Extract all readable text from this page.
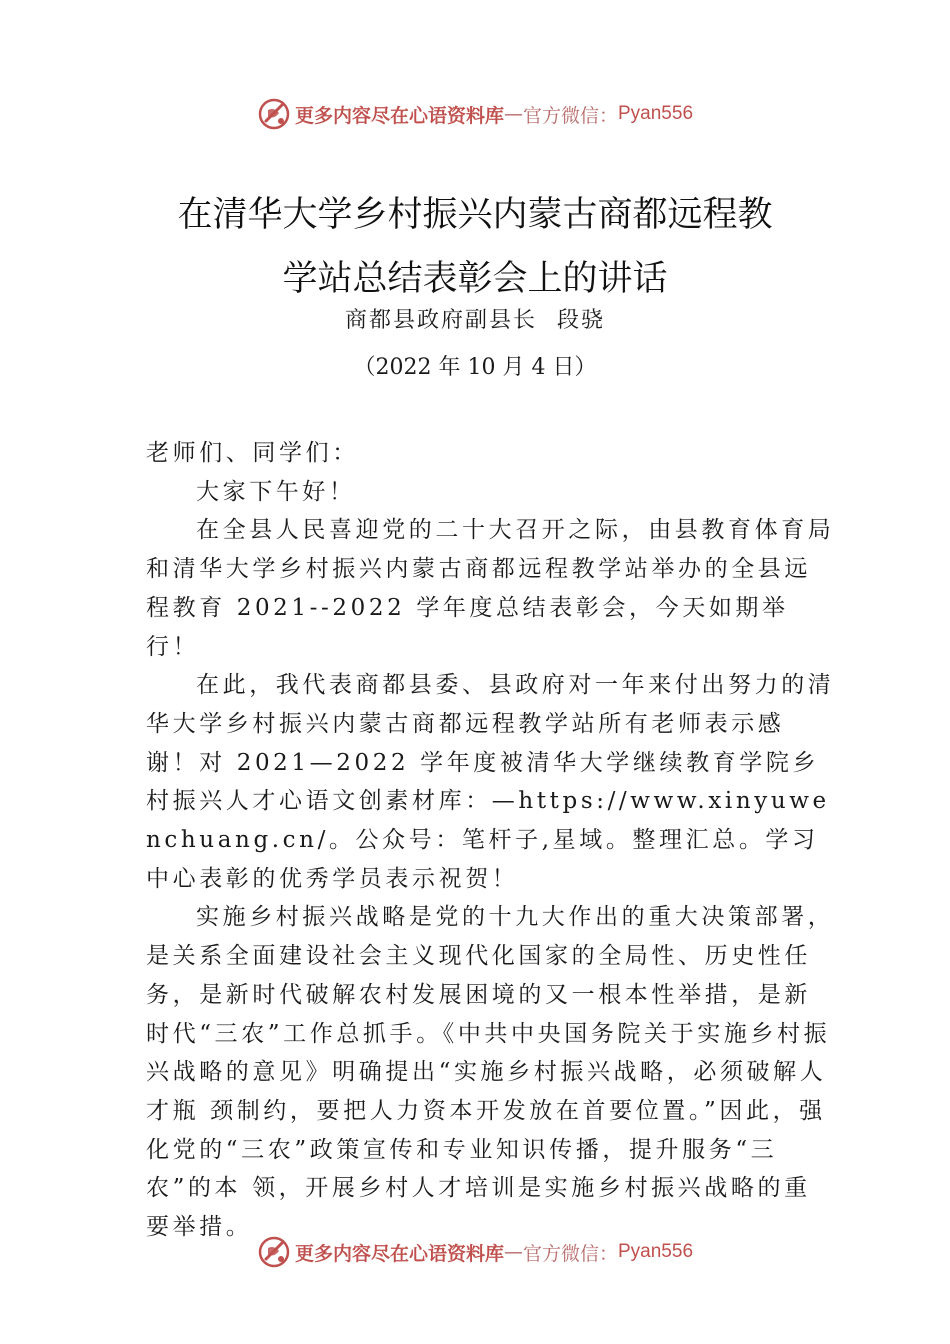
更多内容尽在心语资料库 — 官方微信： Pyan556
在清华大学乡村振兴内蒙古商都远程教
学站总结表彰会上的讲话
商都县政府副县长 段骁
（2022 年 10 月 4 日）

老师们、同学们：

大家下午好！

在全县人民喜迎党的二十大召开之际，由县教育体育局和清华大学乡村振兴内蒙古商都远程教学站举办的全县远程教育 2021--2022 学年度总结表彰会，今天如期举行！

在此，我代表商都县委、县政府对一年来付出努力的清华大学乡村振兴内蒙古商都远程教学站所有老师表示感谢！对 2021—2022 学年度被清华大学继续教育学院乡村振兴人才心语文创素材库：—https://www.xinyuwenchuang.cn/。公众号：笔杆子,星域。整理汇总。学习中心表彰的优秀学员表示祝贺！

实施乡村振兴战略是党的十九大作出的重大决策部署，是关系全面建设社会主义现代化国家的全局性、历史性任务，是新时代破解农村发展困境的又一根本性举措，是新时代“三农”工作总抓手。《中共中央国务院关于实施乡村振兴战略的意见》明确提出“实施乡村振兴战略，必须破解人才瓶 颈制约，要把人力资本开发放在首要位置。”因此，强化党的“三农”政策宣传和专业知识传播，提升服务“三农”的本 领，开展乡村人才培训是实施乡村振兴战略的重要举措。

更多内容尽在心语资料库 — 官方微信： Pyan556
